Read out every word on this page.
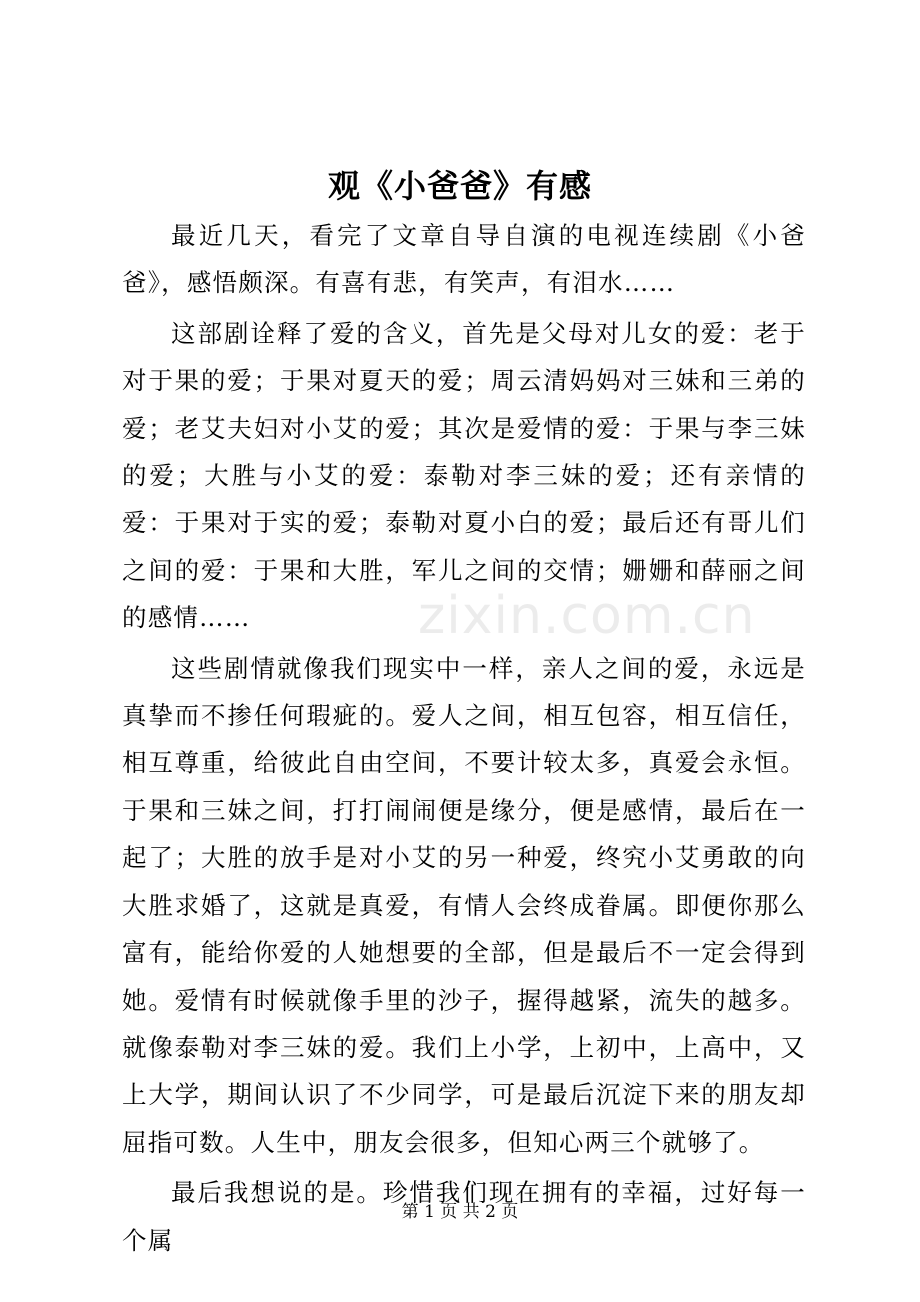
观《小爸爸》有感

最近几天，看完了文章自导自演的电视连续剧《小爸爸》，感悟颇深。有喜有悲，有笑声，有泪水……

这部剧诠释了爱的含义，首先是父母对儿女的爱：老于对于果的爱；于果对夏天的爱；周云清妈妈对三妹和三弟的爱；老艾夫妇对小艾的爱；其次是爱情的爱：于果与李三妹的爱；大胜与小艾的爱：泰勒对李三妹的爱；还有亲情的爱：于果对于实的爱；泰勒对夏小白的爱；最后还有哥儿们之间的爱：于果和大胜，军儿之间的交情；姗姗和薛丽之间的感情……

这些剧情就像我们现实中一样，亲人之间的爱，永远是真挚而不掺任何瑕疵的。爱人之间，相互包容，相互信任，相互尊重，给彼此自由空间，不要计较太多，真爱会永恒。于果和三妹之间，打打闹闹便是缘分，便是感情，最后在一起了；大胜的放手是对小艾的另一种爱，终究小艾勇敢的向大胜求婚了，这就是真爱，有情人会终成眷属。即便你那么富有，能给你爱的人她想要的全部，但是最后不一定会得到她。爱情有时候就像手里的沙子，握得越紧，流失的越多。就像泰勒对李三妹的爱。我们上小学，上初中，上高中，又上大学，期间认识了不少同学，可是最后沉淀下来的朋友却屈指可数。人生中，朋友会很多，但知心两三个就够了。

最后我想说的是。珍惜我们现在拥有的幸福，过好每一个属

zixin.com.cn
第 1 页 共 2 页
